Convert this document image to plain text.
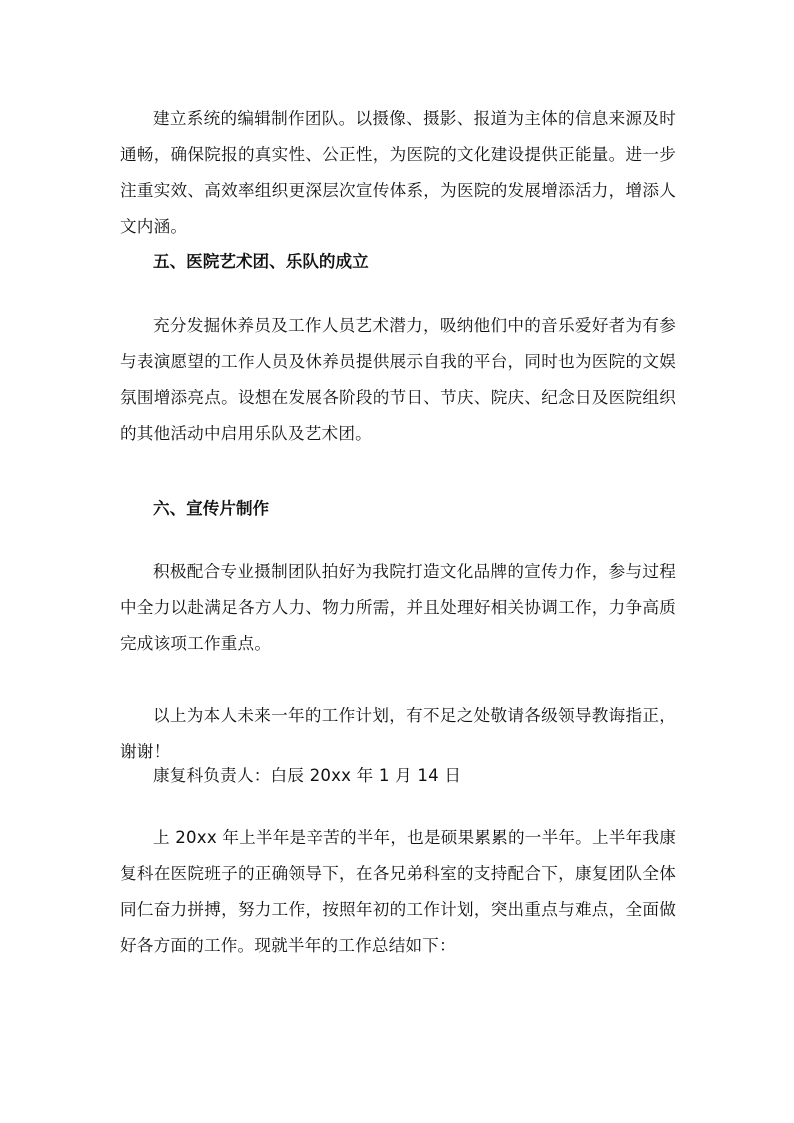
建立系统的编辑制作团队。以摄像、摄影、报道为主体的信息来源及时通畅，确保院报的真实性、公正性，为医院的文化建设提供正能量。进一步注重实效、高效率组织更深层次宣传体系，为医院的发展增添活力，增添人文内涵。

五、医院艺术团、乐队的成立

充分发掘休养员及工作人员艺术潜力，吸纳他们中的音乐爱好者为有参与表演愿望的工作人员及休养员提供展示自我的平台，同时也为医院的文娱氛围增添亮点。设想在发展各阶段的节日、节庆、院庆、纪念日及医院组织的其他活动中启用乐队及艺术团。

六、宣传片制作

积极配合专业摄制团队拍好为我院打造文化品牌的宣传力作，参与过程中全力以赴满足各方人力、物力所需，并且处理好相关协调工作，力争高质完成该项工作重点。

以上为本人未来一年的工作计划，有不足之处敬请各级领导教诲指正，谢谢！

康复科负责人：白辰 20xx 年 1 月 14 日

上 20xx 年上半年是辛苦的半年，也是硕果累累的一半年。上半年我康复科在医院班子的正确领导下，在各兄弟科室的支持配合下，康复团队全体同仁奋力拼搏，努力工作，按照年初的工作计划，突出重点与难点，全面做好各方面的工作。现就半年的工作总结如下：
